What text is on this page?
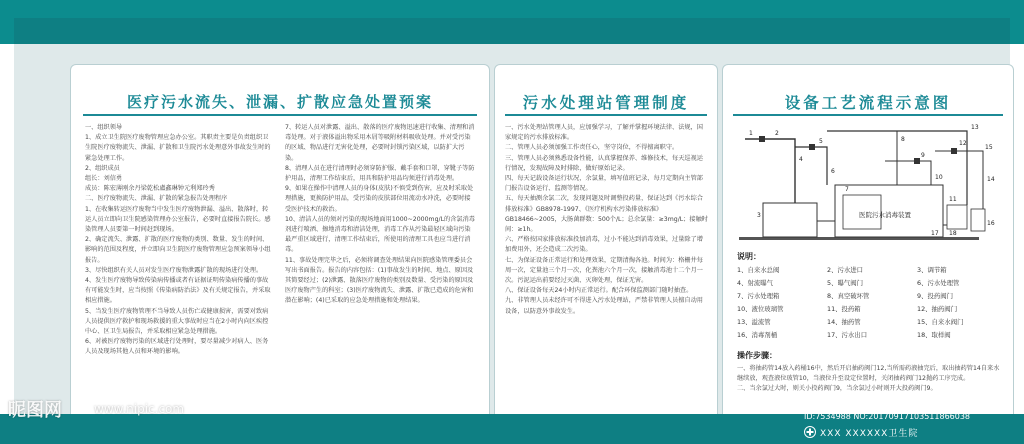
医疗污水流失、泄漏、扩散应急处置预案

一、组织领导

1、成立卫生院医疗废物管理应急办公室。其职责主要是负责组织卫生院医疗废物流失、泄漏、扩散和卫生院污水处理意外事故发生时的紧急处理工作。

2、组织成员

组长：刘信勇

成员：陈宏薄刚余丹梁乾松盧鑫琳钟元利郑玲秀

二、医疗废物流失、泄漏、扩散的紧急报告处理程序

1、在收集转运医疗废物当中发生医疗废物泄漏、溢出、散落时，转运人员立即向卫生院感染管理办公室报告，必要时直接报告院长。感染管理人员要第一时间赶到现场。

2、确定流失、泄露、扩散的医疗废物的类别、数量、发生的时间、影响的范围及程度，并立即向卫生院医疗废物管理应急预案领导小组报告。

3、尽快组织有关人员对发生医疗废物泄露扩散的现场进行处理。

4、发生医疗废物导致传染病传播或者有证据证明传染病传播的事故有可能发生时，应当按照《传染病防治法》及有关规定报告，并采取相应措施。

5、当发生医疗废物管理不当导致人员伤亡或健康损害，需要对致病人员提供医疗救护和现场救援的重大事故时应当在2小时内向区疾控中心、区卫生局报告，并采取相应紧急处理措施。

6、对被医疗废物污染的区域进行处理时，要尽量减少对病人、医务人员及现场其他人员和环境的影响。

7、转运人员对泄露、溢出、散落的医疗废物迅速进行收集、清理和消毒处理。对于液体溢出物采用木屑等吸附材料吸收处理。并对受污染的区域、物品进行无害化处理，必要时封锁污染区域，以防扩大污染。

8、清理人员在进行清理时必须穿防护服、戴手套和口罩，穿靴子等防护用品，清理工作结束后，用具和防护用品均须进行消毒处理。

9、如果在操作中清理人员的身体(皮肤)不慎受到伤害，应及时采取处理措施，更换防护用品，受污染的皮肤部位用流动水冲洗，必要时接受医护技术的救治。

10、清洁人员的须对污染的现场地面用1000~2000mg/L的含氯消毒剂进行喷洒、擦地消毒和清洁处理，消毒工作从污染最轻区域向污染最严重区域进行，清理工作结束后，所使用的清理工具也应当进行消毒。

11、事故处理完毕之后，必须将调查处理结果向医院感染管理委员会写出书面报告。报告的内容包括：(1)事故发生的时间、地点、原因及其简要经过；(2)泄露、散落医疗废物的类别及数量、受污染的原因及医疗废物产生的科室；(3)医疗废物流失、泄露、扩散已造成的危害和潜在影响；(4)已采取的应急处理措施和处理结果。

污水处理站管理制度

一、污水处理站管理人员，应加强学习，了解并掌握环境法律、法规，国家规定的污水排放标准。

二、管理人员必须加强工作责任心，坚守岗位，不得擅离职守。

三、管理人员必须熟悉设备性能，认真掌握保养、维修技术，每天巡视运行情况，发现故障及时排除，做好原始记录。

四、每天记载设备运行状况，余氯量，填写值班记录，每月定期向主管部门报告设备运行、监测等情况。

五、每天抽测余氯二次，发现问题及时调整投药量，保证达到《污水综合排放标准》GB8978-1997、《医疗机构水污染排放标准》GB18466~2005，大肠菌群数：500个/L；总余氯量：≥3mg/L；接触时间：≥1h。

六、严格按国家排放标准投加消毒，过小不能达到消毒效果，过量除了增加费用外，还会造成二次污染。

七、为保证设备正常运行和处理效果，定期清掏各池。时间为：格栅井每周一次，定量池三个月一次，化粪池六个月一次，接触消毒池十二个月一次。污泥运出前要经过灭菌、灭卵处理，保证无害。

八、保证设备每天24小时内正常运行。配合环保监测部门随时抽查。

九、非管理人员未经许可不得进入污水处理站，严禁非管理人员擅自动用设备，以防意外事故发生。

设备工艺流程示意图
1	2
3
4
5
6
7
8
9
10
11
12
13
14
15
16
17 18
医院污水消毒装置
说明：
1、自来水总阀	2、污水进口	3、调节箱
4、射流曝气	5、曝气阀门	6、污水处理管
7、污水处理箱	8、真空破坏管	9、投药阀门
10、液位玻璃管	11、投药箱	12、抽药阀门
13、溢流管	14、抽药管	15、自来水阀门
16、消毒剂桶	17、污水出口	18、取样阀
操作步骤：

一、将抽药管14放入药桶16中，然后开启抽药阀门12,当所需药液抽完后，取出抽药管14自来水继续放，观查液位玻管10，当液位升至设定位置时，关闭抽药阀门12抛药工序完成。

二、当余氯过大时，则关小投药阀门9，当余氯过小时则开大投药阀门9。

昵图网	www.nipic.com
ID:7534988 NO:20170917103511866038
XXX XXXXXX卫生院
